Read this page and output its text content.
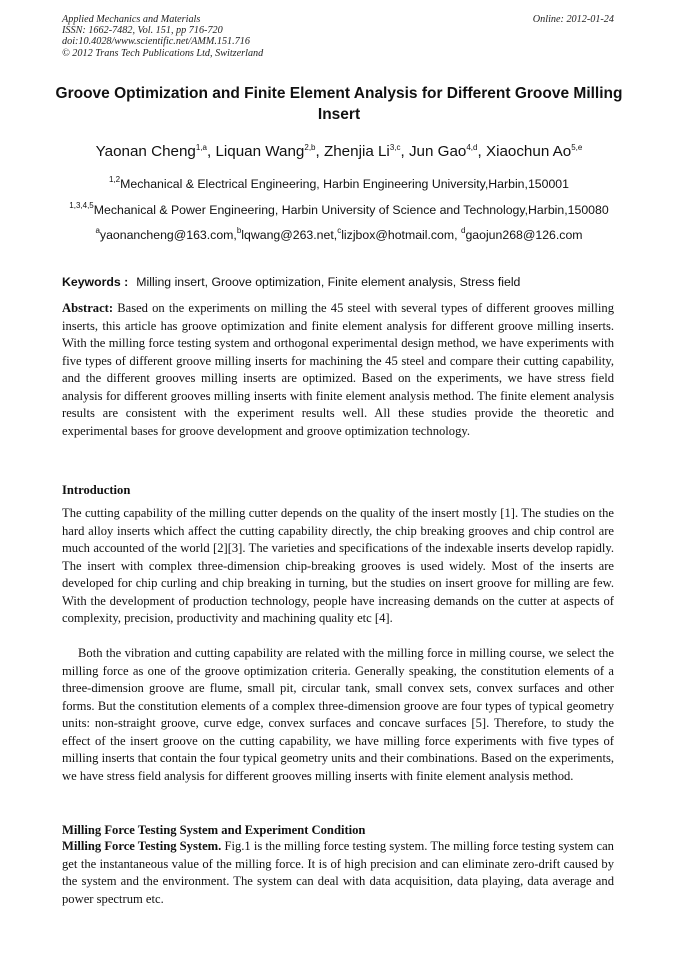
Applied Mechanics and Materials
ISSN: 1662-7482, Vol. 151, pp 716-720
doi:10.4028/www.scientific.net/AMM.151.716
© 2012 Trans Tech Publications Ltd, Switzerland
Online: 2012-01-24
Groove Optimization and Finite Element Analysis for Different Groove Milling Insert
Yaonan Cheng$^{1,a}$, Liquan Wang$^{2,b}$, Zhenjia Li$^{3,c}$, Jun Gao$^{4,d}$, Xiaochun Ao$^{5,e}$
$^{1,2}$Mechanical & Electrical Engineering, Harbin Engineering University,Harbin,150001
$^{1,3,4,5}$Mechanical & Power Engineering, Harbin University of Science and Technology,Harbin,150080
$^a$yaonancheng@163.com,$^b$lqwang@263.net,$^c$lizjbox@hotmail.com, $^d$gaojun268@126.com
Keywords : Milling insert, Groove optimization, Finite element analysis, Stress field
Abstract: Based on the experiments on milling the 45 steel with several types of different grooves milling inserts, this article has groove optimization and finite element analysis for different groove milling inserts. With the milling force testing system and orthogonal experimental design method, we have experiments with five types of different groove milling inserts for machining the 45 steel and compare their cutting capability, and the different grooves milling inserts are optimized. Based on the experiments, we have stress field analysis for different grooves milling inserts with finite element analysis method. The finite element analysis results are consistent with the experiment results well. All these studies provide the theoretic and experimental bases for groove development and groove optimization technology.
Introduction
The cutting capability of the milling cutter depends on the quality of the insert mostly [1]. The studies on the hard alloy inserts which affect the cutting capability directly, the chip breaking grooves and chip control are much accounted of the world [2][3]. The varieties and specifications of the indexable inserts develop rapidly. The insert with complex three-dimension chip-breaking grooves is used widely. Most of the inserts are developed for chip curling and chip breaking in turning, but the studies on insert groove for milling are few. With the development of production technology, people have increasing demands on the cutter at aspects of complexity, precision, productivity and machining quality etc [4].
Both the vibration and cutting capability are related with the milling force in milling course, we select the milling force as one of the groove optimization criteria. Generally speaking, the constitution elements of a three-dimension groove are flume, small pit, circular tank, small convex sets, convex surfaces and other forms. But the constitution elements of a complex three-dimension groove are four types of typical geometry units: non-straight groove, curve edge, convex surfaces and concave surfaces [5]. Therefore, to study the effect of the insert groove on the cutting capability, we have milling force experiments with five types of milling inserts that contain the four typical geometry units and their combinations. Based on the experiments, we have stress field analysis for different grooves milling inserts with finite element analysis method.
Milling Force Testing System and Experiment Condition
Milling Force Testing System. Fig.1 is the milling force testing system. The milling force testing system can get the instantaneous value of the milling force. It is of high precision and can eliminate zero-drift caused by the system and the environment. The system can deal with data acquisition, data playing, data average and power spectrum etc.
